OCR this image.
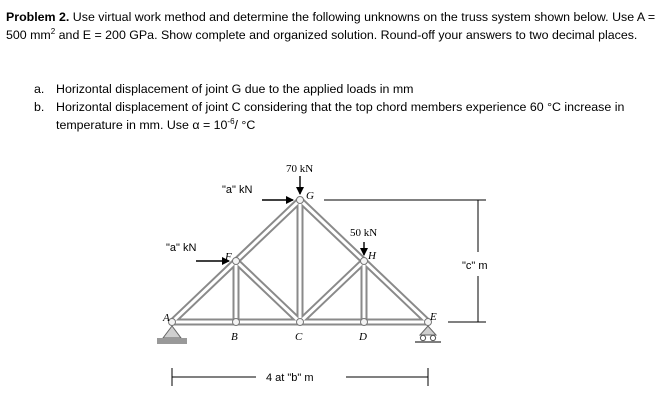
Problem 2. Use virtual work method and determine the following unknowns on the truss system shown below. Use A = 500 $mm^2$ and E = 200 GPa. Show complete and organized solution. Round-off your answers to two decimal places.
a. Horizontal displacement of joint G due to the applied loads in mm
b. Horizontal displacement of joint C considering that the top chord members experience 60 °C increase in temperature in mm. Use $\alpha = 10^{-6}/$ °C
A
B	C	D
E
F
G
H
70 kN
"a" kN
"a" kN
50 kN
4 at "b" m
"c" m
